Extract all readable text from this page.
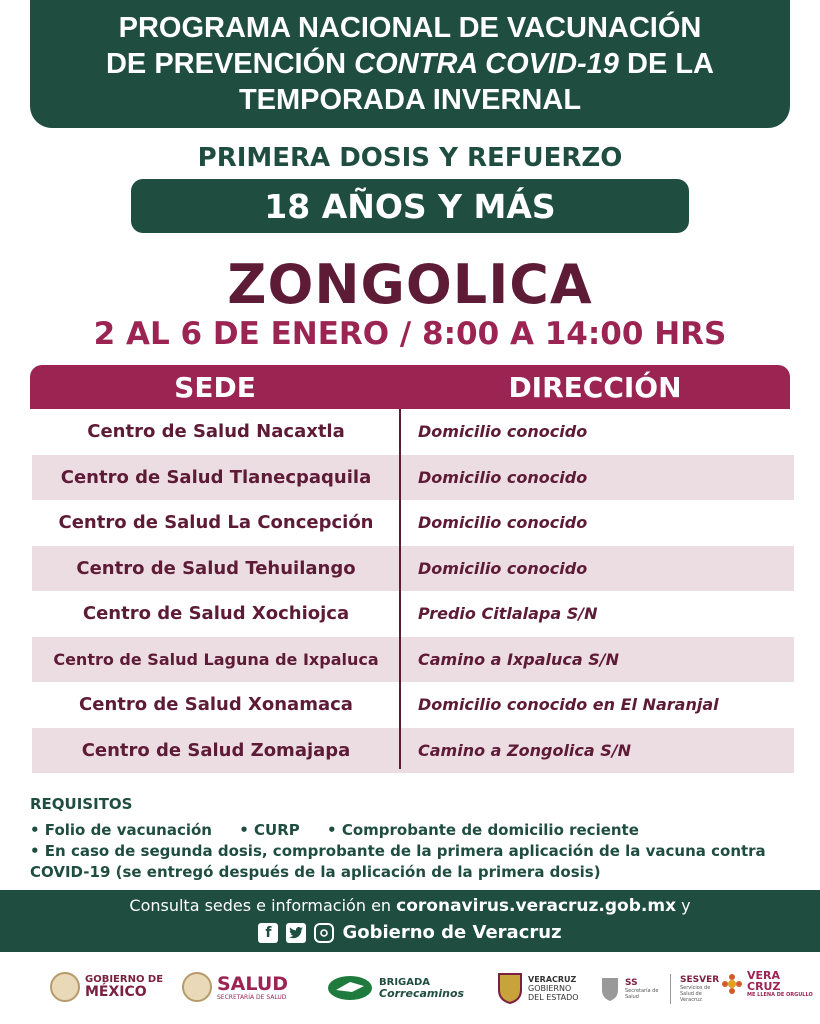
PROGRAMA NACIONAL DE VACUNACIÓN
DE PREVENCIÓN CONTRA COVID-19 DE LA
TEMPORADA INVERNAL
PRIMERA DOSIS Y REFUERZO
18 AÑOS Y MÁS
ZONGOLICA
2 AL 6 DE ENERO / 8:00 A 14:00 HRS
SEDE	DIRECCIÓN
Centro de Salud Nacaxtla	Domicilio conocido
Centro de Salud Tlanecpaquila	Domicilio conocido
Centro de Salud La Concepción	Domicilio conocido
Centro de Salud Tehuilango	Domicilio conocido
Centro de Salud Xochiojca	Predio Citlalapa S/N
Centro de Salud Laguna de Ixpaluca	Camino a Ixpaluca S/N
Centro de Salud Xonamaca	Domicilio conocido en El Naranjal
Centro de Salud Zomajapa	Camino a Zongolica S/N
REQUISITOS
• Folio de vacunación • CURP • Comprobante de domicilio reciente
• En caso de segunda dosis, comprobante de la primera aplicación de la vacuna contra
COVID-19 (se entregó después de la aplicación de la primera dosis)
Consulta sedes e información en coronavirus.veracruz.gob.mx y
f	Gobierno de Veracruz
GOBIERNO DE
MÉXICO	SALUD
SECRETARÍA DE SALUD
BRIGADA
Correcaminos
VERACRUZ
GOBIERNO
DEL ESTADO
SS
Secretaría de Salud
SESVER
Servicios de Salud de Veracruz
VERA
CRUZ
ME LLENA DE ORGULLO
